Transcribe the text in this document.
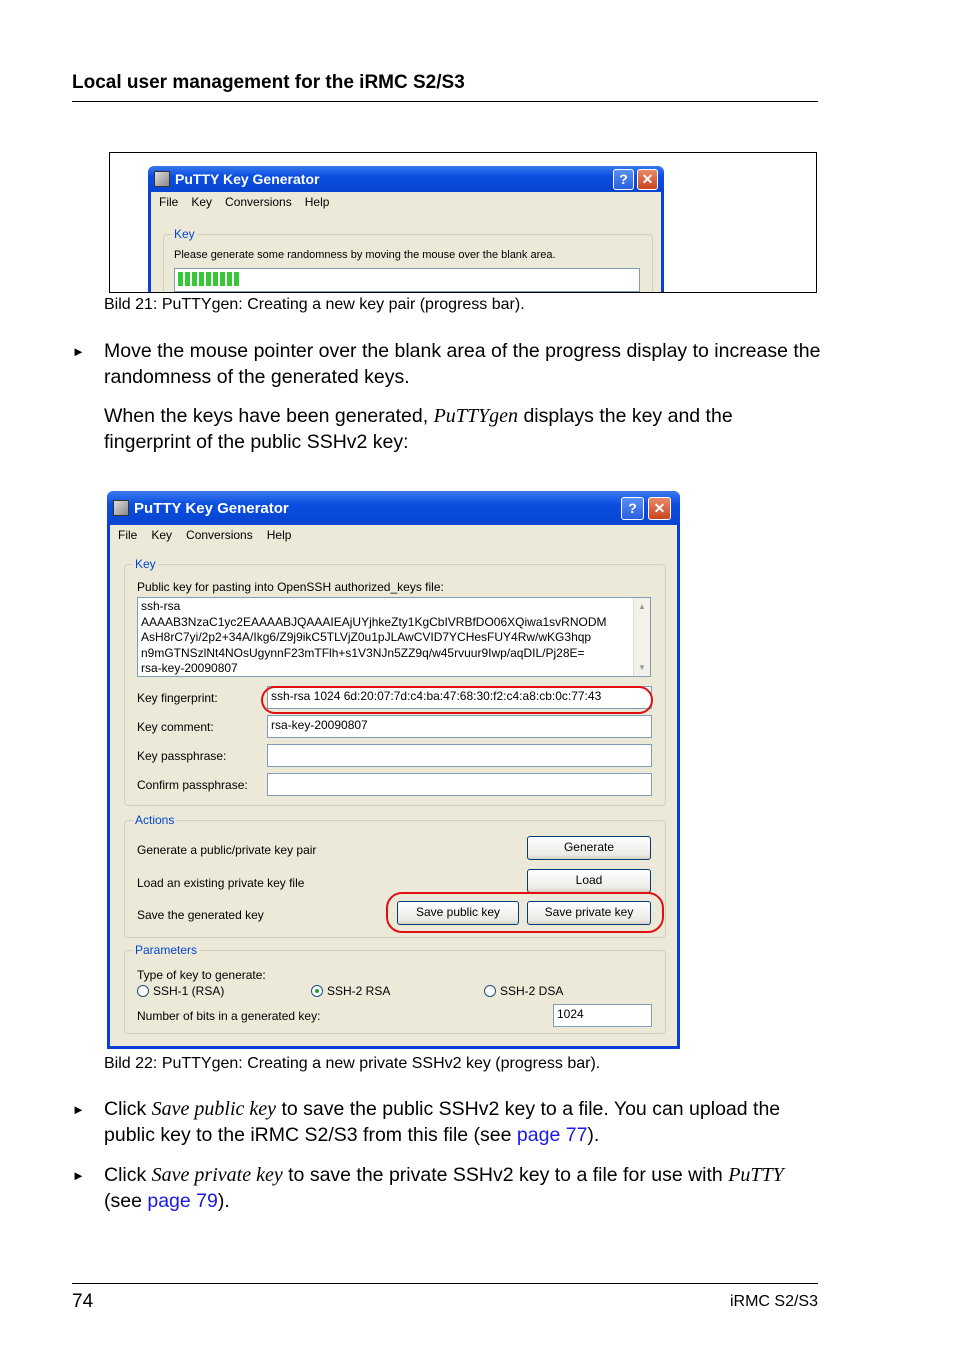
Local user management for the iRMC S2/S3
PuTTY Key Generator	? ✕
File Key Conversions Help
Key
Please generate some randomness by moving the mouse over the blank area.
Bild 21: PuTTYgen: Creating a new key pair (progress bar).
► Move the mouse pointer over the blank area of the progress display to increase the randomness of the generated keys.
When the keys have been generated, PuTTYgen displays the key and the fingerprint of the public SSHv2 key:
PuTTY Key Generator	?	✕
File Key Conversions Help
Key
Public key for pasting into OpenSSH authorized_keys file:
ssh-rsa
AAAAB3NzaC1yc2EAAAABJQAAAIEAjUYjhkeZty1KgCbIVRBfDO06XQiwa1svRNODM
AsH8rC7yi/2p2+34A/Ikg6/Z9j9ikC5TLVjZ0u1pJLAwCVID7YCHesFUY4Rw/wKG3hqp
n9mGTNSzlNt4NOsUgynnF23mTFlh+s1V3NJn5ZZ9q/w45rvuur9Iwp/aqDIL/Pj28E=
rsa-key-20090807
▲
▼
Key fingerprint:	ssh-rsa 1024 6d:20:07:7d:c4:ba:47:68:30:f2:c4:a8:cb:0c:77:43
Key comment:	rsa-key-20090807
Key passphrase:
Confirm passphrase:
Actions
Generate a public/private key pair	Generate
Load an existing private key file	Load
Save the generated key	Save public key	Save private key
Parameters
Type of key to generate:
SSH-1 (RSA)	SSH-2 RSA	SSH-2 DSA
Number of bits in a generated key:	1024
Bild 22: PuTTYgen: Creating a new private SSHv2 key (progress bar).
► Click Save public key to save the public SSHv2 key to a file. You can upload the public key to the iRMC S2/S3 from this file (see page 77).
► Click Save private key to save the private SSHv2 key to a file for use with PuTTY (see page 79).
74	iRMC S2/S3
